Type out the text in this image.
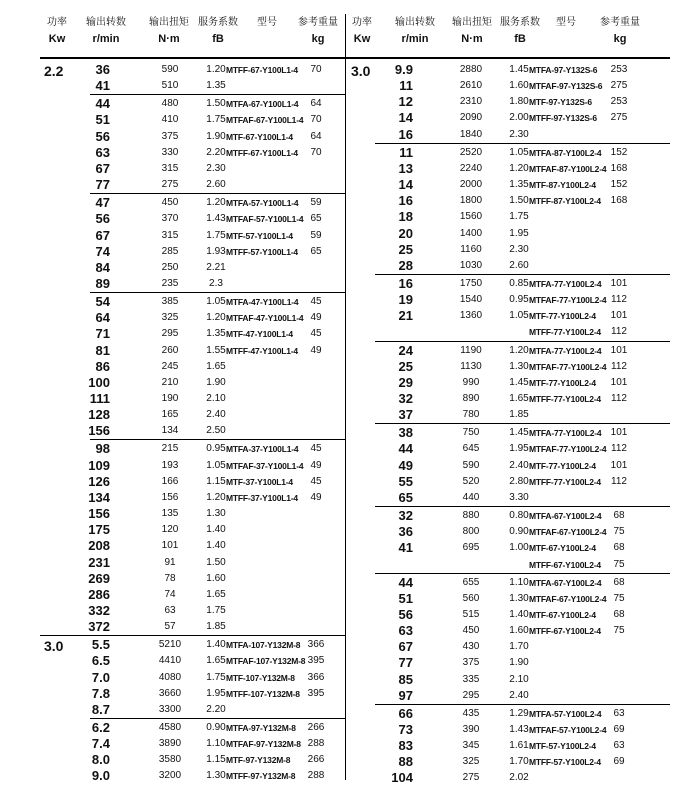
功率
Kw
输出转数
r/min
输出扭矩
N·m
服务系数
fB
型号	参考重量
kg
功率
Kw
输出转数
r/min
输出扭矩
N·m
服务系数
fB
型号	参考重量
kg
2.2	36	590	1.20 MTFF-67-Y100L1-4	70
41	510	1.35
44	480	1.50 MTFA-67-Y100L1-4	64
51	410	1.75 MTFAF-67-Y100L1-4 70
56	375	1.90 MTF-67-Y100L1-4	64
63	330	2.20 MTFF-67-Y100L1-4	70
67	315	2.30
77	275	2.60
47	450	1.20 MTFA-57-Y100L1-4	59
56	370	1.43 MTFAF-57-Y100L1-4 65
67	315	1.75 MTF-57-Y100L1-4	59
74	285	1.93 MTFF-57-Y100L1-4	65
84	250	2.21
89	235	2.3
54	385	1.05 MTFA-47-Y100L1-4	45
64	325	1.20 MTFAF-47-Y100L1-4 49
71	295	1.35 MTF-47-Y100L1-4	45
81	260	1.55 MTFF-47-Y100L1-4	49
86	245	1.65
100	210	1.90
111	190	2.10
128	165	2.40
156	134	2.50
98	215	0.95 MTFA-37-Y100L1-4	45
109	193	1.05 MTFAF-37-Y100L1-4 49
126	166	1.15 MTF-37-Y100L1-4	45
134	156	1.20 MTFF-37-Y100L1-4	49
156	135	1.30
175	120	1.40
208	101	1.40
231	91	1.50
269	78	1.60
286	74	1.65
332	63	1.75
372	57	1.85
3.0	5.5	5210	1.40 MTFA-107-Y132M-8 366
6.5	4410	1.65 MTFAF-107-Y132M-8 395
7.0	4080	1.75 MTF-107-Y132M-8	366
7.8	3660	1.95 MTFF-107-Y132M-8 395
8.7	3300	2.20
6.2	4580	0.90 MTFA-97-Y132M-8	266
7.4	3890	1.10 MTFAF-97-Y132M-8 288
8.0	3580	1.15 MTF-97-Y132M-8	266
9.0	3200	1.30 MTFF-97-Y132M-8	288
3.0	9.9	2880	1.45 MTFA-97-Y132S-6	253
11	2610	1.60 MTFAF-97-Y132S-6 275
12	2310	1.80 MTF-97-Y132S-6	253
14	2090	2.00 MTFF-97-Y132S-6	275
16	1840	2.30
11	2520	1.05 MTFA-87-Y100L2-4 152
13	2240	1.20 MTFAF-87-Y100L2-4 168
14	2000	1.35 MTF-87-Y100L2-4	152
16	1800	1.50 MTFF-87-Y100L2-4 168
18	1560	1.75
20	1400	1.95
25	1160	2.30
28	1030	2.60
16	1750	0.85 MTFA-77-Y100L2-4 101
19	1540	0.95 MTFAF-77-Y100L2-4 112
21	1360	1.05 MTF-77-Y100L2-4	101
MTFF-77-Y100L2-4	112
24	1190	1.20 MTFA-77-Y100L2-4 101
25	1130	1.30 MTFAF-77-Y100L2-4 112
29	990	1.45 MTF-77-Y100L2-4	101
32	890	1.65 MTFF-77-Y100L2-4	112
37	780	1.85
38	750	1.45 MTFA-77-Y100L2-4 101
44	645	1.95 MTFAF-77-Y100L2-4 112
49	590	2.40 MTF-77-Y100L2-4	101
55	520	2.80 MTFF-77-Y100L2-4	112
65	440	3.30
32	880	0.80 MTFA-67-Y100L2-4	68
36	800	0.90 MTFAF-67-Y100L2-4 75
41	695	1.00 MTF-67-Y100L2-4	68
MTFF-67-Y100L2-4	75
44	655	1.10 MTFA-67-Y100L2-4	68
51	560	1.30 MTFAF-67-Y100L2-4 75
56	515	1.40 MTF-67-Y100L2-4	68
63	450	1.60 MTFF-67-Y100L2-4	75
67	430	1.70
77	375	1.90
85	335	2.10
97	295	2.40
66	435	1.29 MTFA-57-Y100L2-4	63
73	390	1.43 MTFAF-57-Y100L2-4 69
83	345	1.61 MTF-57-Y100L2-4	63
88	325	1.70 MTFF-57-Y100L2-4	69
104	275	2.02
